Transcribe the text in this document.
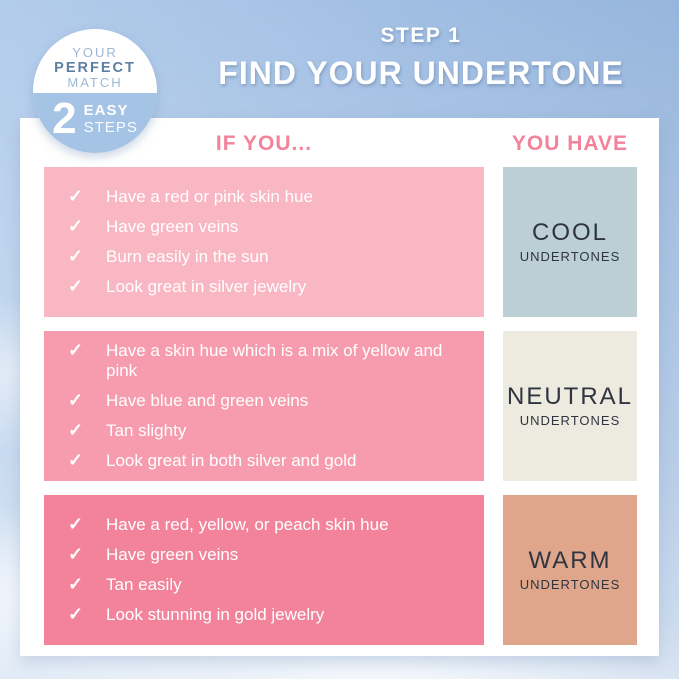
YOUR
PERFECT
MATCH
2 EASY
STEPS
STEP 1
FIND YOUR UNDERTONE
IF YOU...	YOU HAVE
✓	Have a red or pink skin hue
✓	Have green veins
✓	Burn easily in the sun
✓	Look great in silver jewelry
COOL
UNDERTONES
✓	Have a skin hue which is a mix of yellow and pink
✓	Have blue and green veins
✓	Tan slighty
✓	Look great in both silver and gold
NEUTRAL
UNDERTONES
✓	Have a red, yellow, or peach skin hue
✓	Have green veins
✓	Tan easily
✓	Look stunning in gold jewelry
WARM
UNDERTONES
